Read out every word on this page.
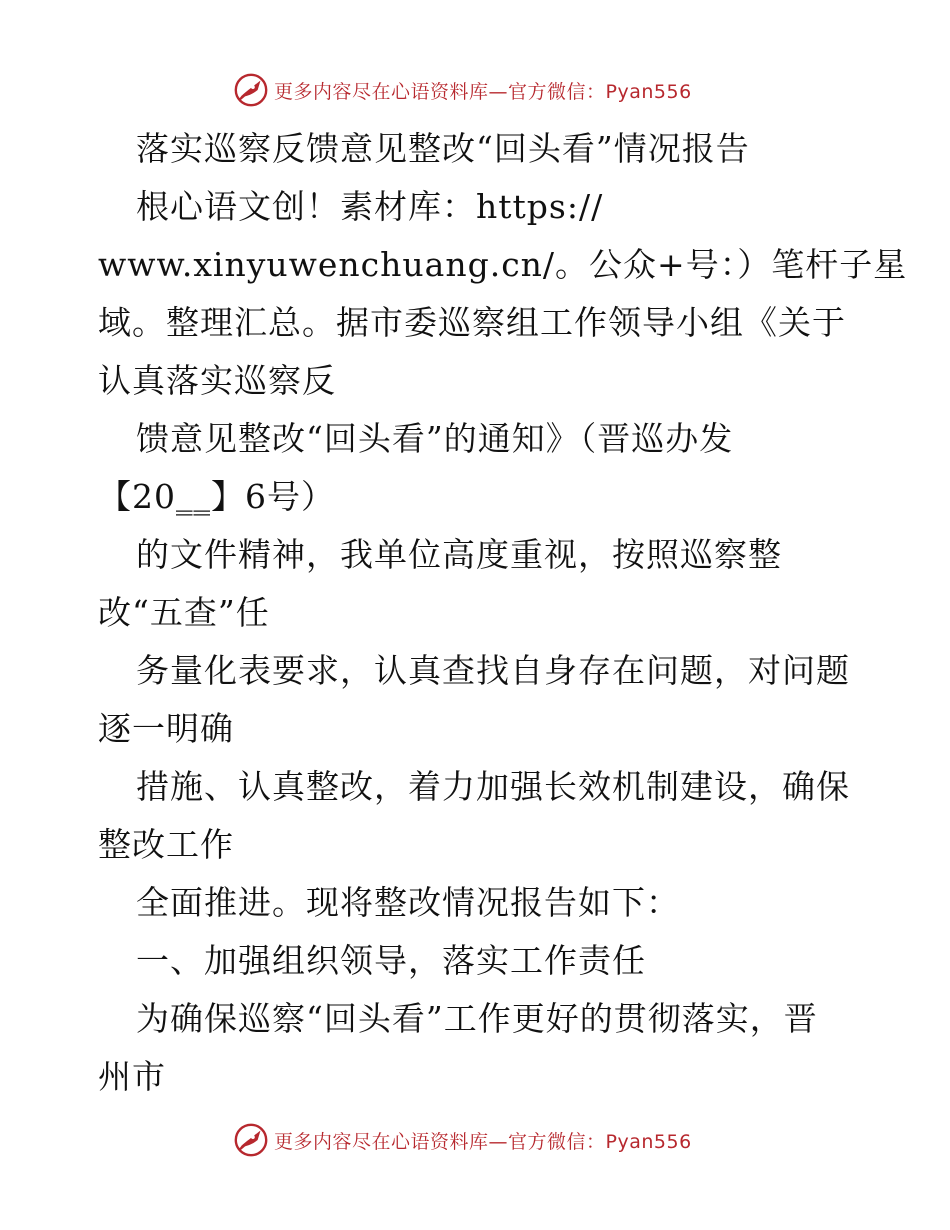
更多内容尽在心语资料库—官方微信：Pyan556
落实巡察反馈意见整改“回头看”情况报告
根心语文创！素材库：https://
www.xinyuwenchuang.cn/。公众+号：）笔杆子星
域。整理汇总。据市委巡察组工作领导小组《关于
认真落实巡察反
馈意见整改“回头看”的通知》（晋巡办发
【20‗‗】6号）
的文件精神，我单位高度重视，按照巡察整
改“五查”任
务量化表要求，认真查找自身存在问题，对问题
逐一明确
措施、认真整改，着力加强长效机制建设，确保
整改工作
全面推进。现将整改情况报告如下：
一、加强组织领导，落实工作责任
为确保巡察“回头看”工作更好的贯彻落实，晋
州市
更多内容尽在心语资料库—官方微信：Pyan556
